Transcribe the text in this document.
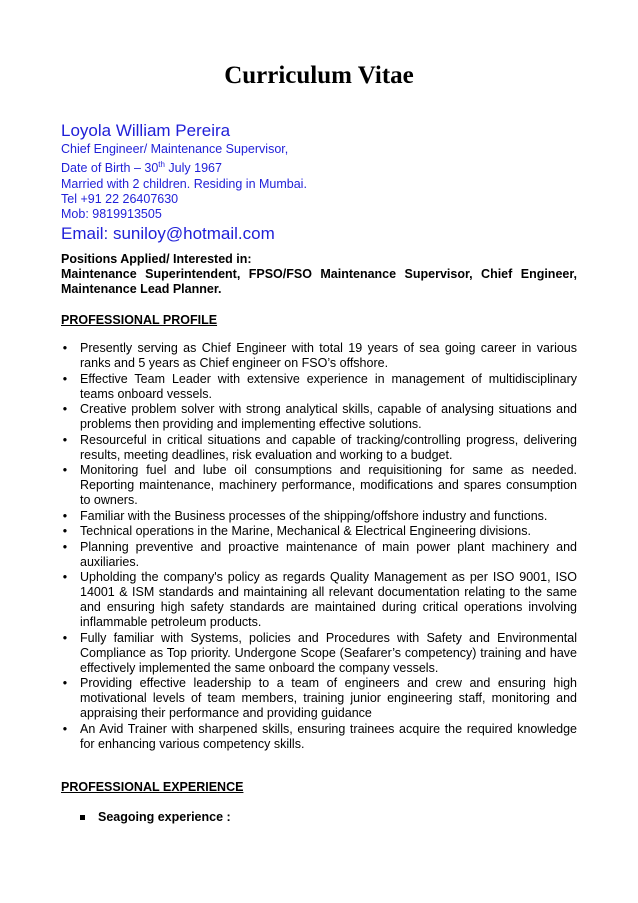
Curriculum Vitae

Loyola William Pereira

Chief Engineer/ Maintenance Supervisor,

Date of Birth – 30th July 1967

Married with 2 children. Residing in Mumbai.

Tel +91 22 26407630

Mob: 9819913505

Email: suniloy@hotmail.com

Positions Applied/ Interested in:

Maintenance Superintendent, FPSO/FSO Maintenance Supervisor, Chief Engineer, Maintenance Lead Planner.

PROFESSIONAL PROFILE

• Presently serving as Chief Engineer with total 19 years of sea going career in various ranks and 5 years as Chief engineer on FSO’s offshore.
• Effective Team Leader with extensive experience in management of multidisciplinary teams onboard vessels.
• Creative problem solver with strong analytical skills, capable of analysing situations and problems then providing and implementing effective solutions.
• Resourceful in critical situations and capable of tracking/controlling progress, delivering results, meeting deadlines, risk evaluation and working to a budget.
• Monitoring fuel and lube oil consumptions and requisitioning for same as needed. Reporting maintenance, machinery performance, modifications and spares consumption to owners.
• Familiar with the Business processes of the shipping/offshore industry and functions.
• Technical operations in the Marine, Mechanical & Electrical Engineering divisions.
• Planning preventive and proactive maintenance of main power plant machinery and auxiliaries.
• Upholding the company's policy as regards Quality Management as per ISO 9001, ISO 14001 & ISM standards and maintaining all relevant documentation relating to the same and ensuring high safety standards are maintained during critical operations involving inflammable petroleum products.
• Fully familiar with Systems, policies and Procedures with Safety and Environmental Compliance as Top priority. Undergone Scope (Seafarer’s competency) training and have effectively implemented the same onboard the company vessels.
• Providing effective leadership to a team of engineers and crew and ensuring high motivational levels of team members, training junior engineering staff, monitoring and appraising their performance and providing guidance
• An Avid Trainer with sharpened skills, ensuring trainees acquire the required knowledge for enhancing various competency skills.

PROFESSIONAL EXPERIENCE

Seagoing experience :
